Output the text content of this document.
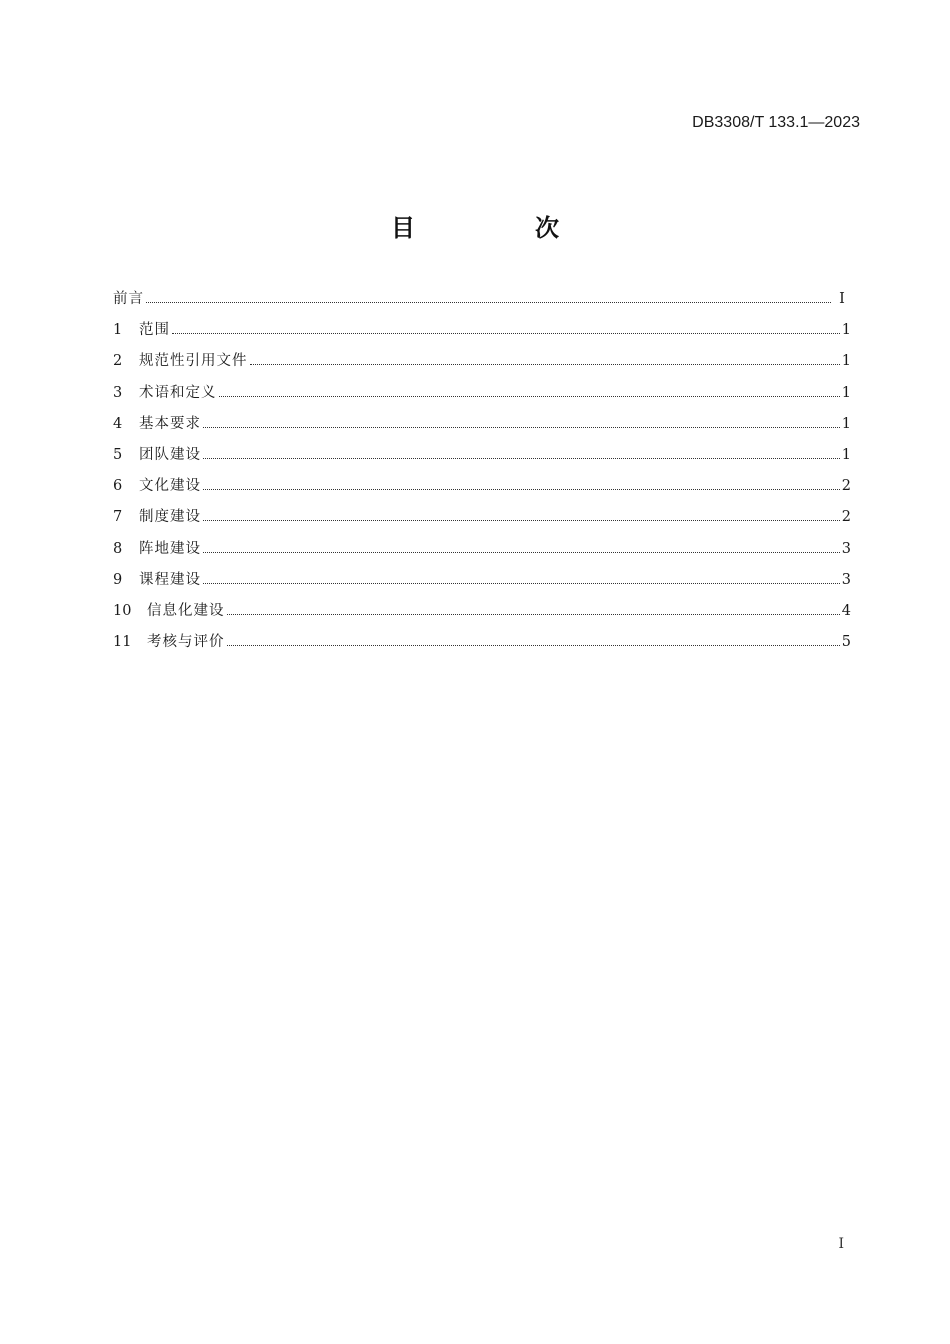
DB3308/T 133.1—2023
目　次
前言	I
1	范围	1
2	规范性引用文件	1
3	术语和定义	1
4	基本要求	1
5	团队建设	1
6	文化建设	2
7	制度建设	2
8	阵地建设	3
9	课程建设	3
10	信息化建设	4
11	考核与评价	5
I
